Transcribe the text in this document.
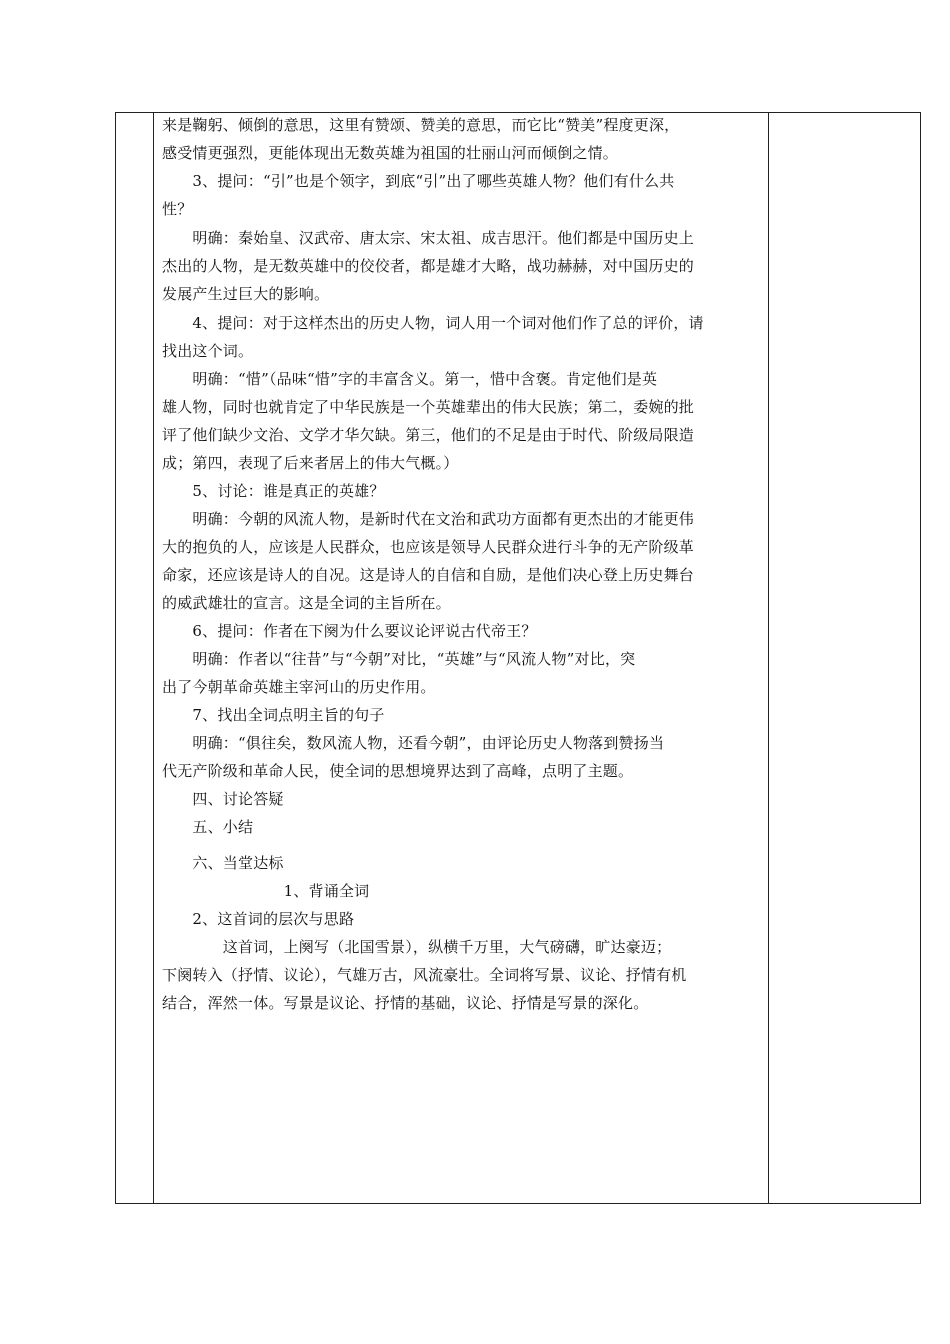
来是鞠躬、倾倒的意思，这里有赞颂、赞美的意思，而它比“赞美”程度更深，
感受情更强烈，更能体现出无数英雄为祖国的壮丽山河而倾倒之情。
　　3、提问：“引”也是个领字，到底“引”出了哪些英雄人物？他们有什么共
性？
　　明确：秦始皇、汉武帝、唐太宗、宋太祖、成吉思汗。他们都是中国历史上
杰出的人物，是无数英雄中的佼佼者，都是雄才大略，战功赫赫，对中国历史的
发展产生过巨大的影响。
　　4、提问：对于这样杰出的历史人物，词人用一个词对他们作了总的评价，请
找出这个词。
　　明确：“惜”（品味“惜”字的丰富含义。第一，惜中含褒。肯定他们是英
雄人物，同时也就肯定了中华民族是一个英雄辈出的伟大民族；第二，委婉的批
评了他们缺少文治、文学才华欠缺。第三，他们的不足是由于时代、阶级局限造
成；第四，表现了后来者居上的伟大气概。）
　　5、讨论：谁是真正的英雄？
　　明确：今朝的风流人物，是新时代在文治和武功方面都有更杰出的才能更伟
大的抱负的人，应该是人民群众，也应该是领导人民群众进行斗争的无产阶级革
命家，还应该是诗人的自况。这是诗人的自信和自励，是他们决心登上历史舞台
的威武雄壮的宣言。这是全词的主旨所在。
　　6、提问：作者在下阕为什么要议论评说古代帝王？
　　明确：作者以“往昔”与“今朝”对比，“英雄”与“风流人物”对比，突
出了今朝革命英雄主宰河山的历史作用。
　　7、找出全词点明主旨的句子
　　明确：“俱往矣，数风流人物，还看今朝”，由评论历史人物落到赞扬当
代无产阶级和革命人民，使全词的思想境界达到了高峰，点明了主题。
　　四、讨论答疑
　　五、小结
　　六、当堂达标
　　　　　　　　1、背诵全词
　　2、这首词的层次与思路
　　　　这首词，上阕写（北国雪景），纵横千万里，大气磅礴，旷达豪迈；
下阕转入（抒情、议论），气雄万古，风流豪壮。全词将写景、议论、抒情有机
结合，浑然一体。写景是议论、抒情的基础，议论、抒情是写景的深化。
